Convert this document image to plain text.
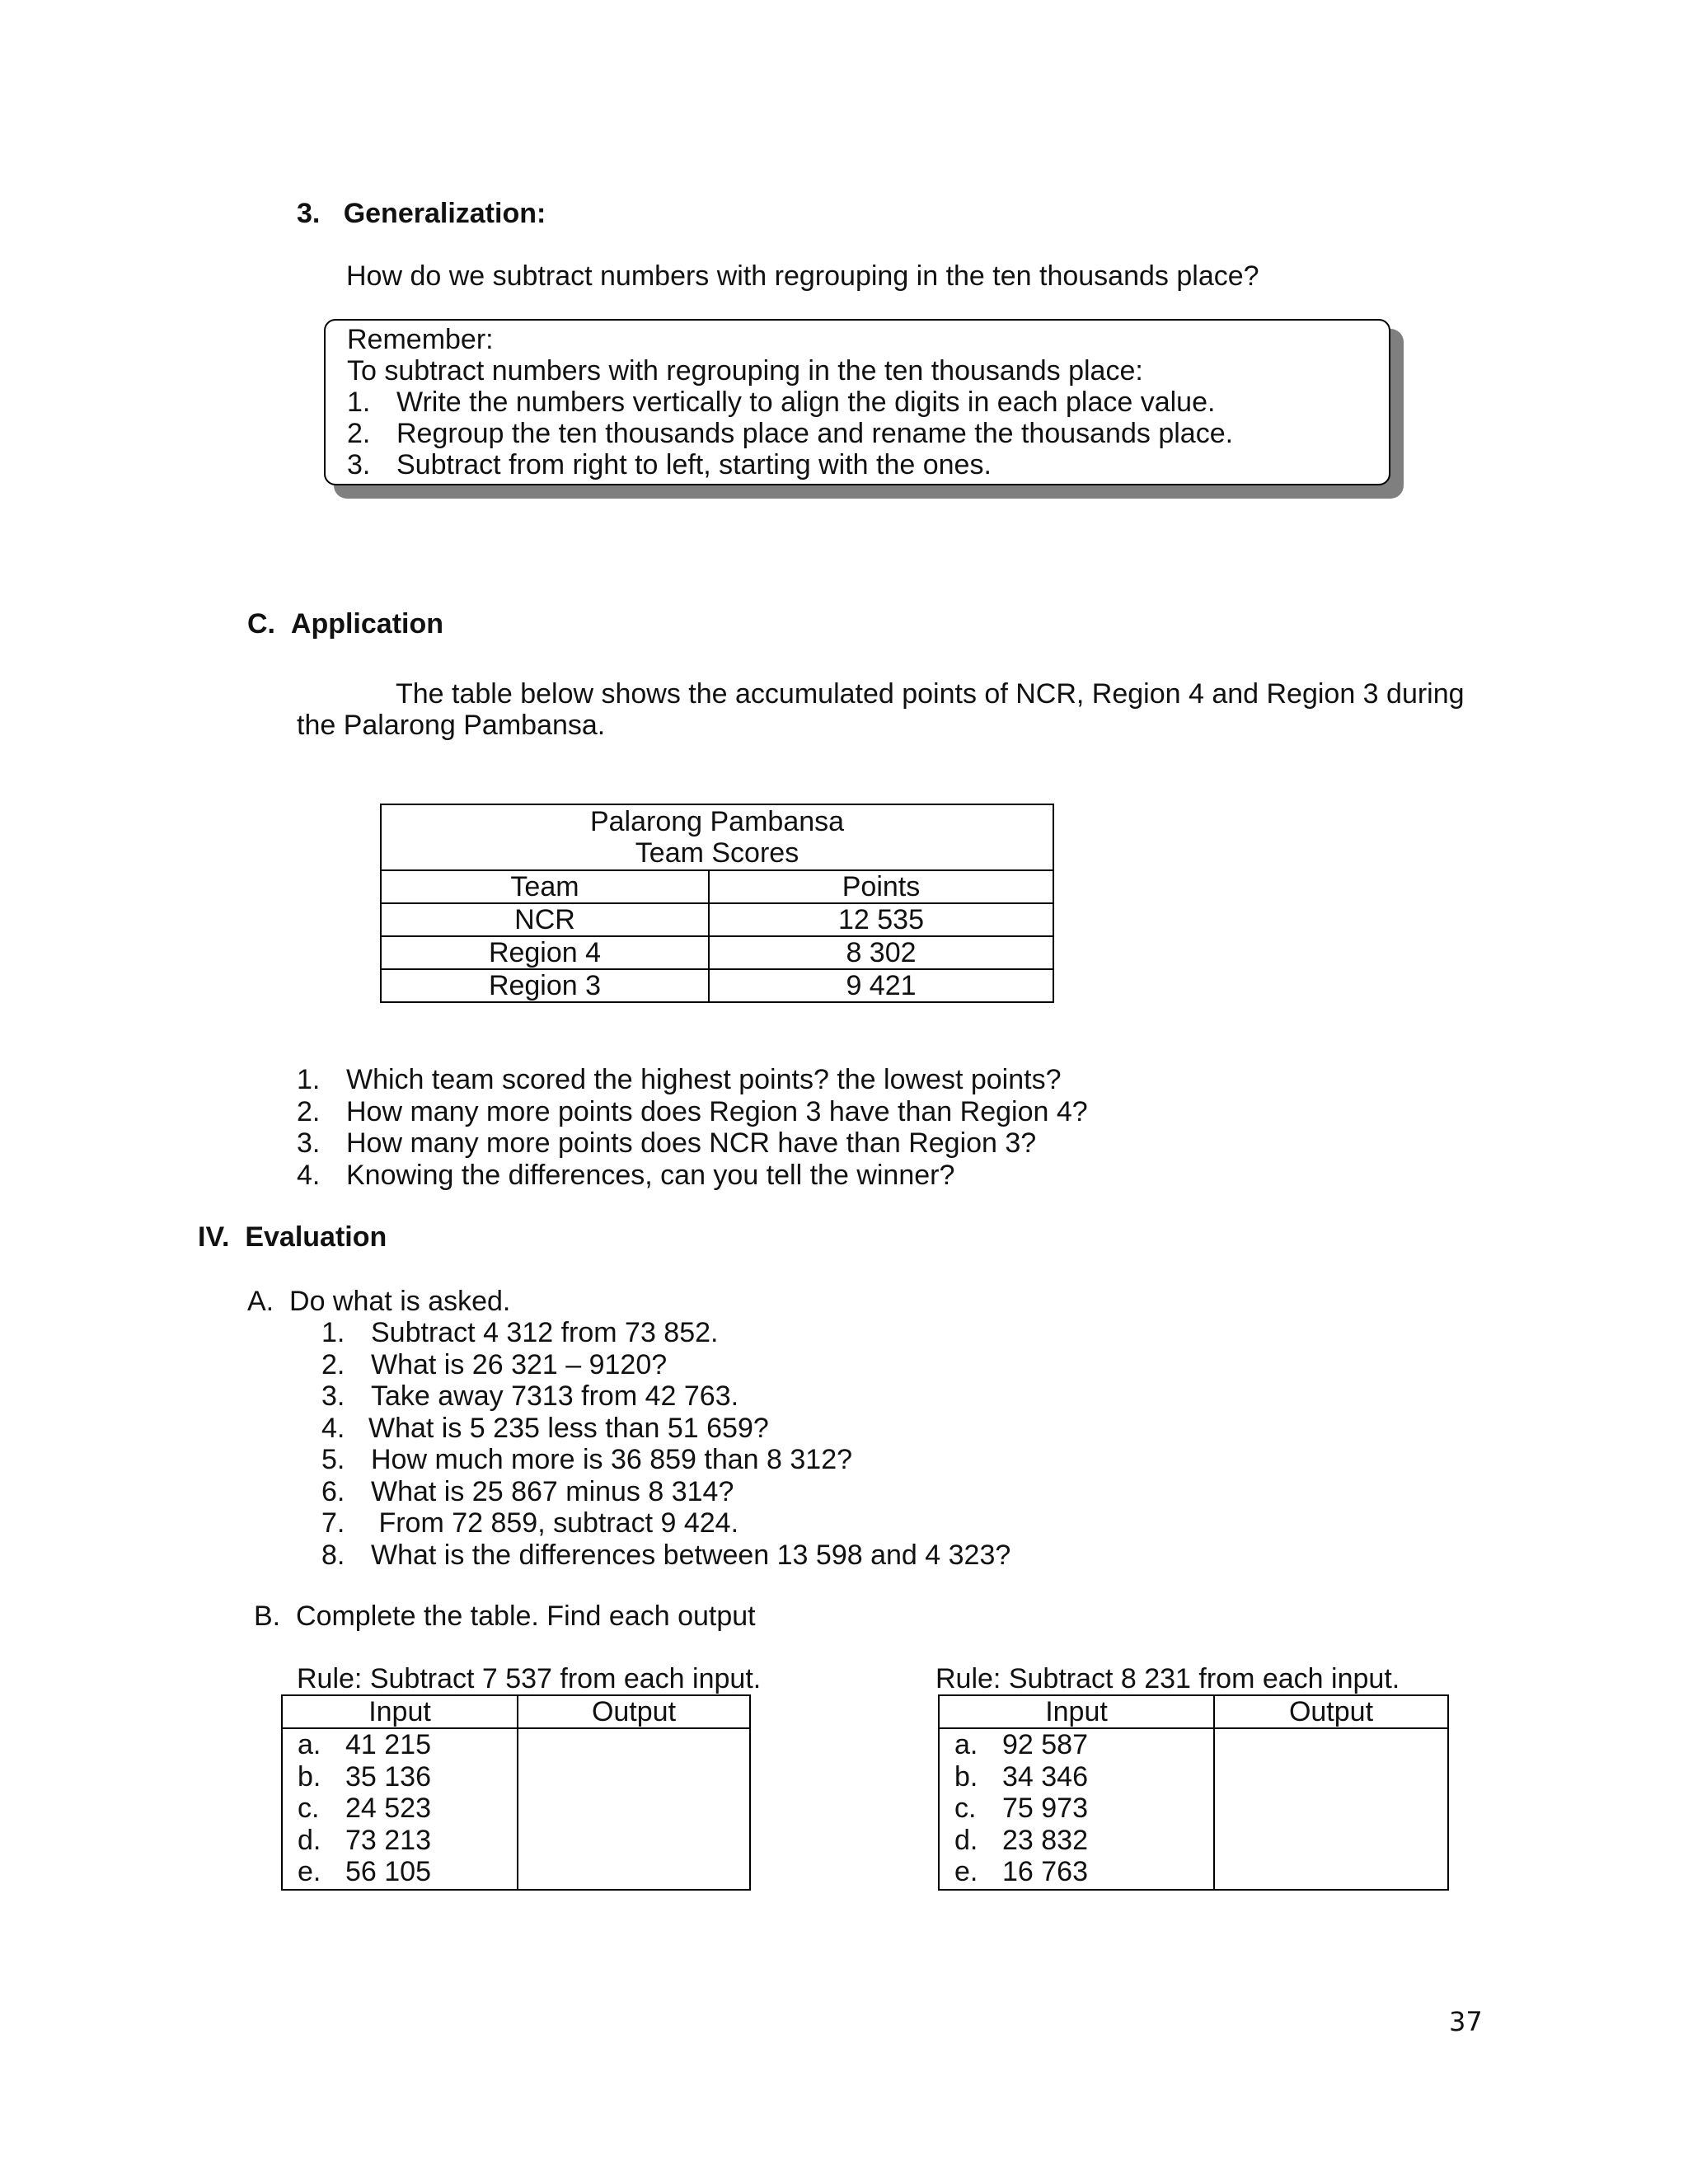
3.   Generalization:
How do we subtract numbers with regrouping in the ten thousands place?
Remember:
To subtract numbers with regrouping in the ten thousands place:
1. Write the numbers vertically to align the digits in each place value.
2. Regroup the ten thousands place and rename the thousands place.
3. Subtract from right to left, starting with the ones.
C.  Application
The table below shows the accumulated points of NCR, Region 4 and Region 3 during
the Palarong Pambansa.
Palarong Pambansa
Team Scores	

Team	Points
NCR	12 535
Region 4	8 302
Region 3	9 421
1. Which team scored the highest points? the lowest points?
2. How many more points does Region 3 have than Region 4?
3. How many more points does NCR have than Region 3?
4. Knowing the differences, can you tell the winner?
IV.  Evaluation
A.  Do what is asked.
1. Subtract 4 312 from 73 852.
2. What is 26 321 – 9120?
3. Take away 7313 from 42 763.
4. What is 5 235 less than 51 659?
5. How much more is 36 859 than 8 312?
6. What is 25 867 minus 8 314?
7. From 72 859, subtract 9 424.
8. What is the differences between 13 598 and 4 323?
B.  Complete the table. Find each output
Rule: Subtract 7 537 from each input.
Input	Output

a. 41 215
b. 35 136
c. 24 523
d. 73 213
e. 56 105	

Rule: Subtract 8 231 from each input.
Input	Output

a. 92 587
b. 34 346
c. 75 973
d. 23 832
e. 16 763	

37
